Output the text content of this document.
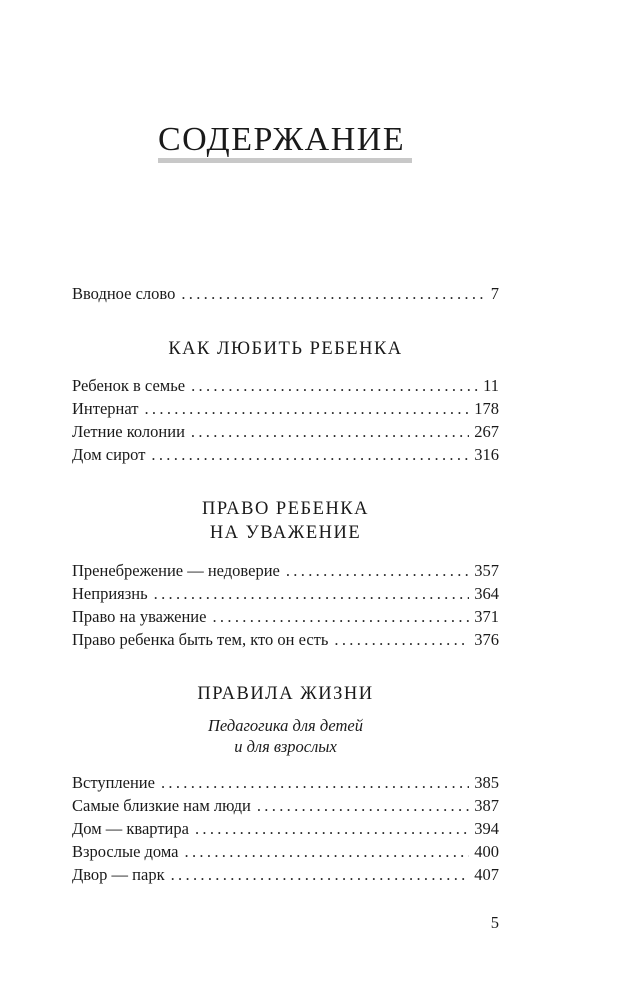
СОДЕРЖАНИЕ
Вводное слово . . .	7
КАК ЛЮБИТЬ РЕБЕНКА
Ребенок в семье . . .	11
Интернат . . .	178
Летние колонии . . .	267
Дом сирот . . .	316
ПРАВО РЕБЕНКА
НА УВАЖЕНИЕ
Пренебрежение — недоверие . . .	357
Неприязнь . . .	364
Право на уважение . . .	371
Право ребенка быть тем, кто он есть . . .	376
ПРАВИЛА ЖИЗНИ
Педагогика для детей
и для взрослых
Вступление . . .	385
Самые близкие нам люди . . .	387
Дом — квартира . . .	394
Взрослые дома . . .	400
Двор — парк . . .	407
5
